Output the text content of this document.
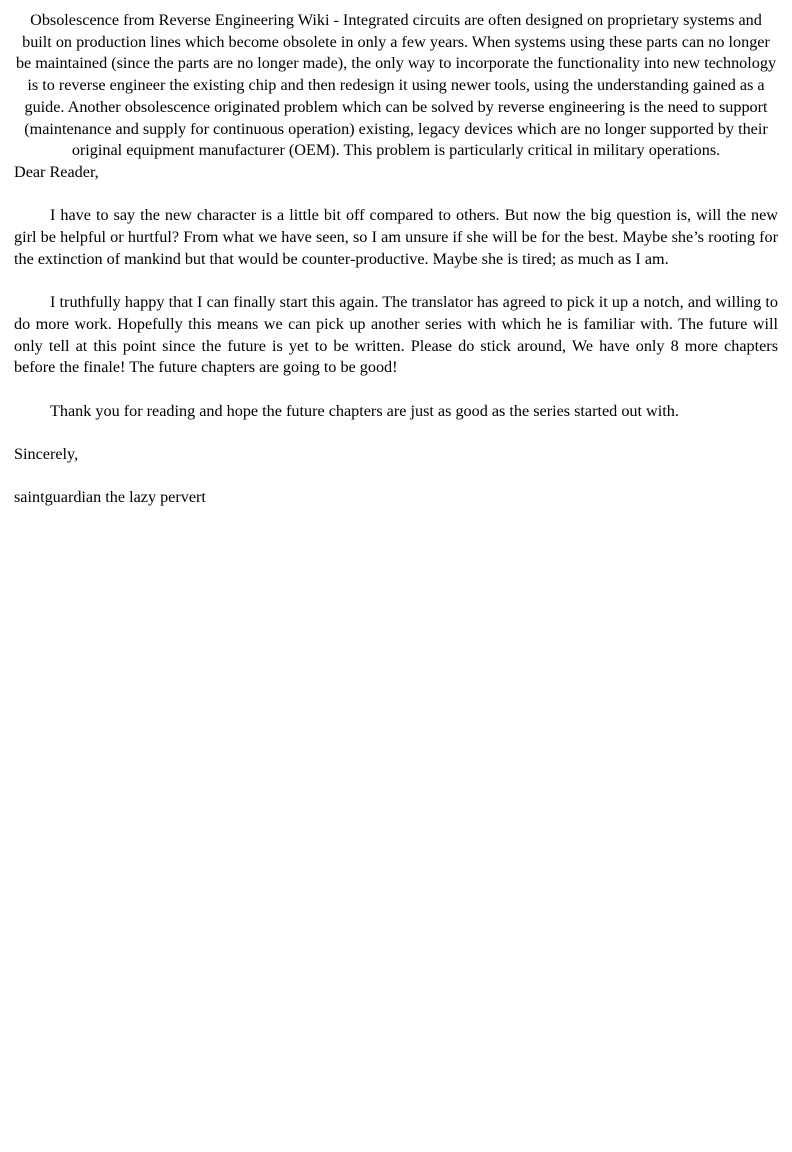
Obsolescence from Reverse Engineering Wiki - Integrated circuits are often designed on proprietary systems and built on production lines which become obsolete in only a few years. When systems using these parts can no longer be maintained (since the parts are no longer made), the only way to incorporate the functionality into new technology is to reverse engineer the existing chip and then redesign it using newer tools, using the understanding gained as a guide. Another obsolescence originated problem which can be solved by reverse engineering is the need to support (maintenance and supply for continuous operation) existing, legacy devices which are no longer supported by their original equipment manufacturer (OEM). This problem is particularly critical in military operations.

Dear Reader,

I have to say the new character is a little bit off compared to others. But now the big question is, will the new girl be helpful or hurtful? From what we have seen, so I am unsure if she will be for the best. Maybe she’s rooting for the extinction of mankind but that would be counter-productive. Maybe she is tired; as much as I am.

I truthfully happy that I can finally start this again. The translator has agreed to pick it up a notch, and willing to do more work. Hopefully this means we can pick up another series with which he is familiar with. The future will only tell at this point since the future is yet to be written. Please do stick around, We have only 8 more chapters before the finale! The future chapters are going to be good!

Thank you for reading and hope the future chapters are just as good as the series started out with.

Sincerely,

saintguardian the lazy pervert
